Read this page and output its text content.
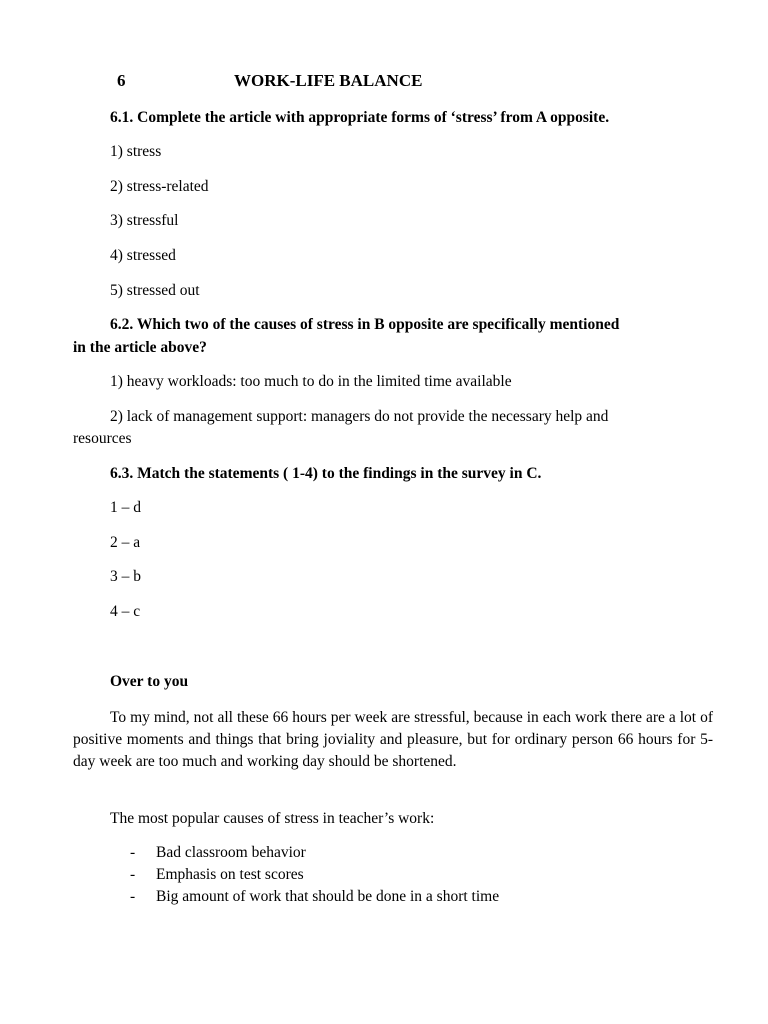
6	WORK-LIFE BALANCE
6.1. Complete the article with appropriate forms of ‘stress’ from A opposite.
1) stress
2) stress-related
3) stressful
4) stressed
5) stressed out
6.2. Which two of the causes of stress in B opposite are specifically mentioned
in the article above?
1) heavy workloads: too much to do in the limited time available
2) lack of management support: managers do not provide the necessary help and
resources
6.3. Match the statements ( 1-4) to the findings in the survey in C.
1 – d
2 – a
3 – b
4 – c
Over to you
To my mind, not all these 66 hours per week are stressful, because in each work there are a lot of positive moments and things that bring joviality and pleasure, but for ordinary person 66 hours for 5-day week are too much and working day should be shortened.
The most popular causes of stress in teacher’s work:
- Bad classroom behavior
- Emphasis on test scores
- Big amount of work that should be done in a short time
